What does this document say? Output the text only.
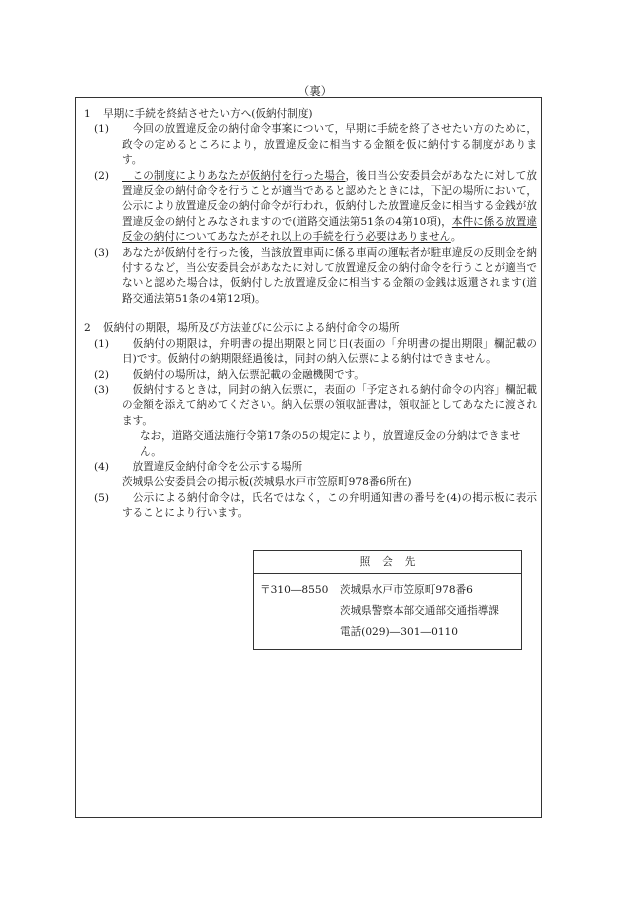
（裏）
1	早期に手続を終結させたい方へ(仮納付制度)
(1)	　今回の放置違反金の納付命令事案について，早期に手続を終了させたい方のために，政令の定めるところにより，放置違反金に相当する金額を仮に納付する制度があります。
(2)	　この制度によりあなたが仮納付を行った場合，後日当公安委員会があなたに対して放置違反金の納付命令を行うことが適当であると認めたときには，下記の場所において，公示により放置違反金の納付命令が行われ，仮納付した放置違反金に相当する金銭が放置違反金の納付とみなされますので(道路交通法第51条の4第10項)，本件に係る放置違反金の納付についてあなたがそれ以上の手続を行う必要はありません。
(3)	あなたが仮納付を行った後，当該放置車両に係る車両の運転者が駐車違反の反則金を納付するなど，当公安委員会があなたに対して放置違反金の納付命令を行うことが適当でないと認めた場合は，仮納付した放置違反金に相当する金額の金銭は返還されます(道路交通法第51条の4第12項)。
2	仮納付の期限，場所及び方法並びに公示による納付命令の場所
(1)	　仮納付の期限は，弁明書の提出期限と同じ日(表面の「弁明書の提出期限」欄記載の日)です。仮納付の納期限経過後は，同封の納入伝票による納付はできません。
(2)	　仮納付の場所は，納入伝票記載の金融機関です。
(3)	　仮納付するときは，同封の納入伝票に，表面の「予定される納付命令の内容」欄記載の金額を添えて納めてください。納入伝票の領収証書は，領収証としてあなたに渡されます。
なお，道路交通法施行令第17条の5の規定により，放置違反金の分納はできません。
(4)	　放置違反金納付命令を公示する場所
茨城県公安委員会の掲示板(茨城県水戸市笠原町978番6所在)
(5)	　公示による納付命令は，氏名ではなく，この弁明通知書の番号を(4)の掲示板に表示することにより行います。
照会先
〒310―8550	茨城県水戸市笠原町978番6
茨城県警察本部交通部交通指導課
電話(029)―301―0110
